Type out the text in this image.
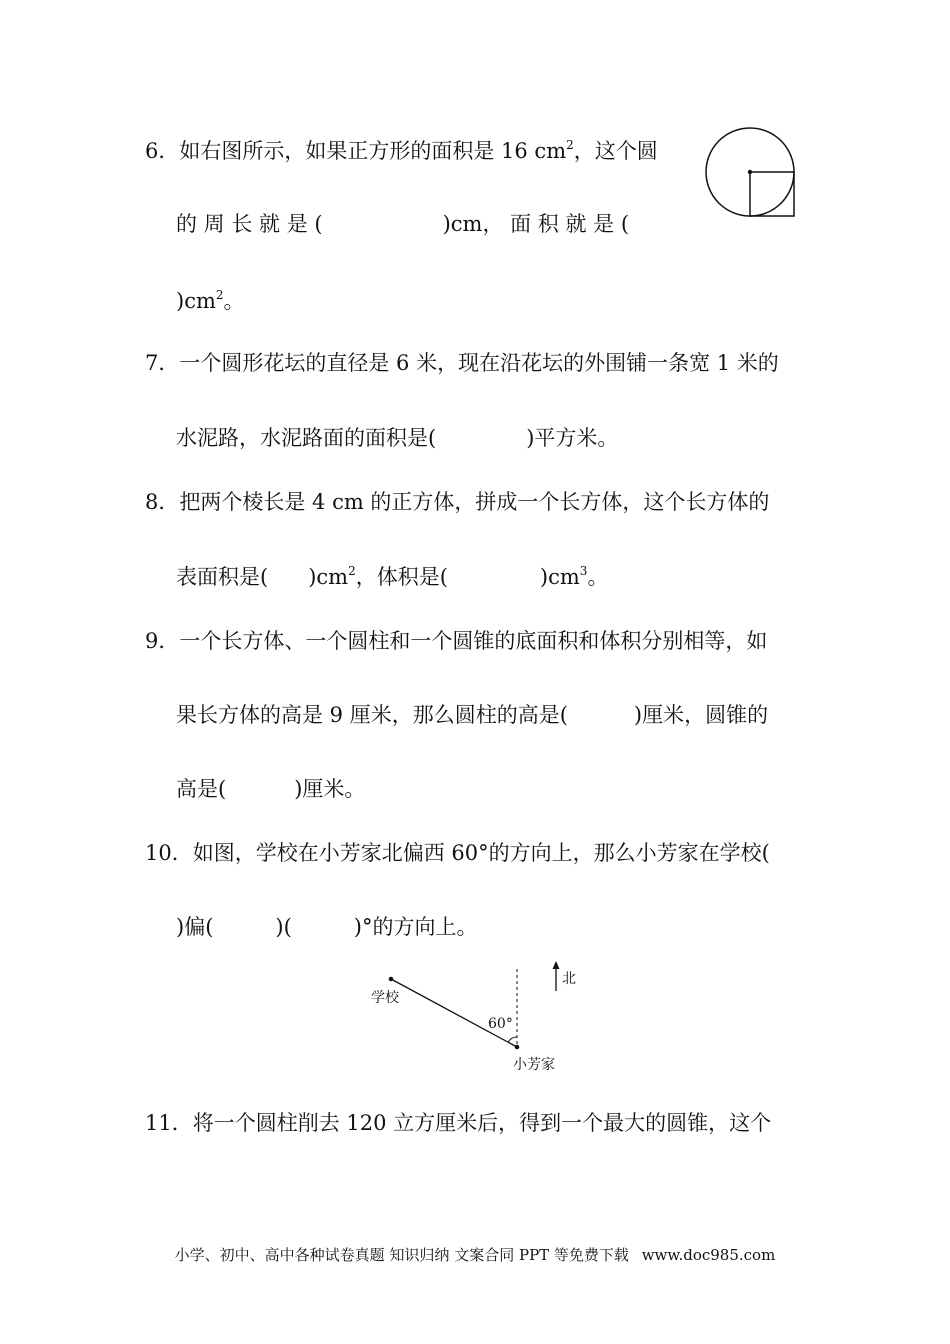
6．如右图所示，如果正方形的面积是 16 $cm^2$，这个圆
的 周 长 就 是 (	)cm， 面 积 就 是 (
)$cm^2$。
7．一个圆形花坛的直径是 6 米，现在沿花坛的外围铺一条宽 1 米的
水泥路，水泥路面的面积是(	)平方米。
8．把两个棱长是 4 cm 的正方体，拼成一个长方体，这个长方体的
表面积是( )$cm^2$，体积是(	)$cm^3$。
9．一个长方体、一个圆柱和一个圆锥的底面积和体积分别相等，如
果长方体的高是 9 厘米，那么圆柱的高是(	)厘米，圆锥的
高是(	)厘米。
10．如图，学校在小芳家北偏西 60°的方向上，那么小芳家在学校(
)偏(	)(	)°的方向上。
学校
60°
北
小芳家
11．将一个圆柱削去 120 立方厘米后，得到一个最大的圆锥，这个
小学、初中、高中各种试卷真题 知识归纳 文案合同 PPT 等免费下载 www.doc985.com
